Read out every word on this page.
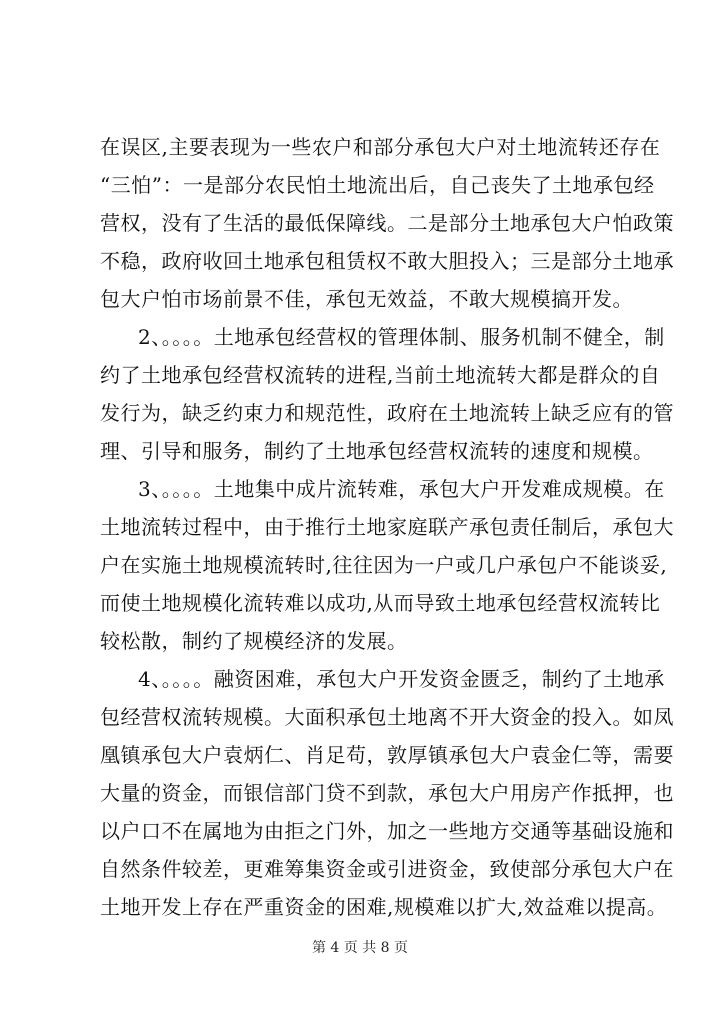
在误区,主要表现为一些农户和部分承包大户对土地流转还存在
“三怕”：一是部分农民怕土地流出后，自己丧失了土地承包经
营权，没有了生活的最低保障线。二是部分土地承包大户怕政策
不稳，政府收回土地承包租赁权不敢大胆投入；三是部分土地承
包大户怕市场前景不佳，承包无效益，不敢大规模搞开发。
2、。。。。土地承包经营权的管理体制、服务机制不健全，制
约了土地承包经营权流转的进程,当前土地流转大都是群众的自
发行为，缺乏约束力和规范性，政府在土地流转上缺乏应有的管
理、引导和服务，制约了土地承包经营权流转的速度和规模。
3、。。。。土地集中成片流转难，承包大户开发难成规模。在
土地流转过程中，由于推行土地家庭联产承包责任制后，承包大
户在实施土地规模流转时,往往因为一户或几户承包户不能谈妥,
而使土地规模化流转难以成功,从而导致土地承包经营权流转比
较松散，制约了规模经济的发展。
4、。。。。融资困难，承包大户开发资金匮乏，制约了土地承
包经营权流转规模。大面积承包土地离不开大资金的投入。如凤
凰镇承包大户袁炳仁、肖足苟，敦厚镇承包大户袁金仁等，需要
大量的资金，而银信部门贷不到款，承包大户用房产作抵押，也
以户口不在属地为由拒之门外，加之一些地方交通等基础设施和
自然条件较差，更难筹集资金或引进资金，致使部分承包大户在
土地开发上存在严重资金的困难,规模难以扩大,效益难以提高。
第 4 页 共 8 页
